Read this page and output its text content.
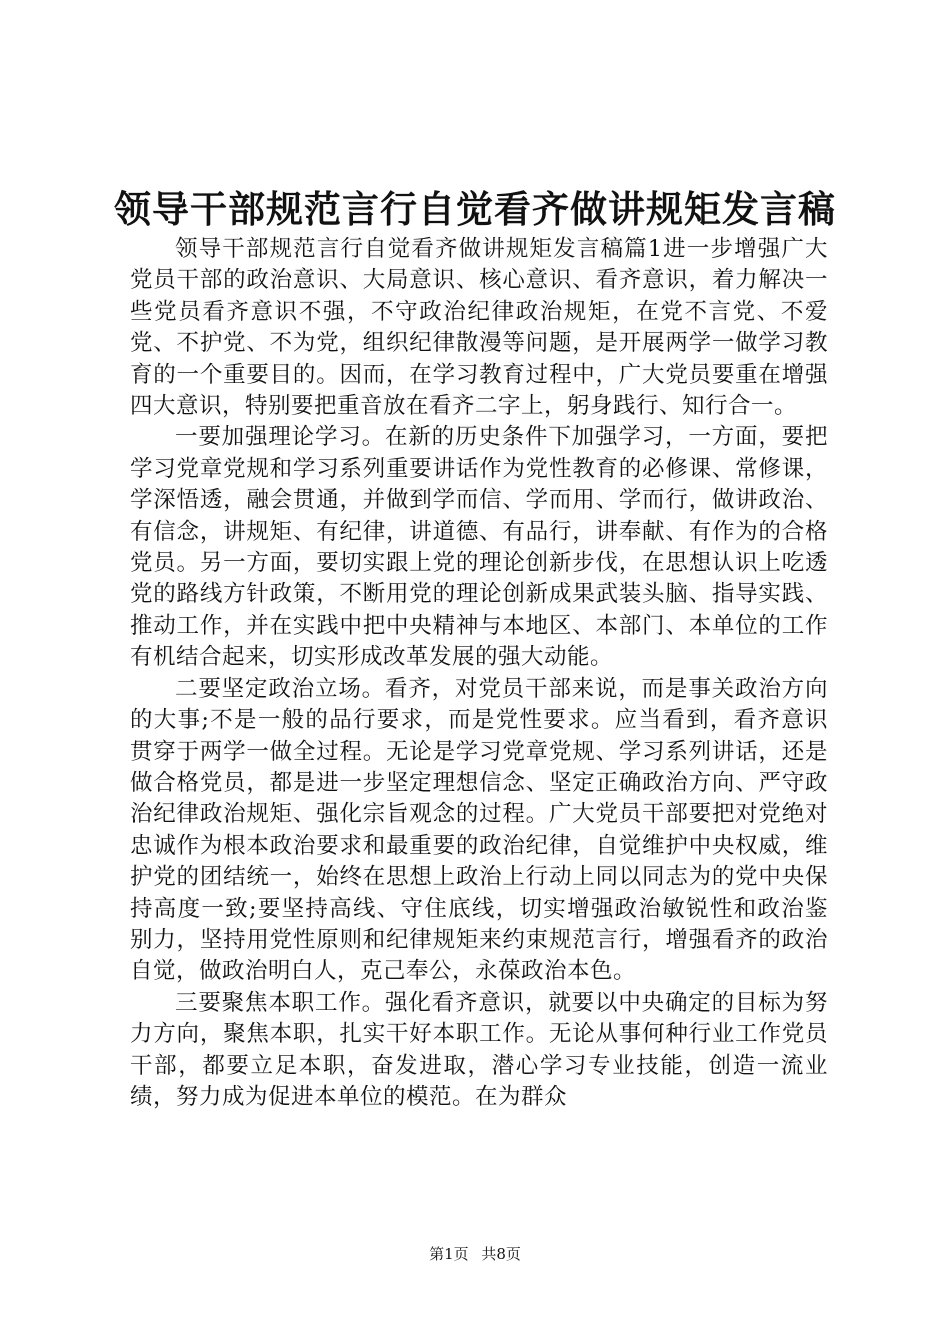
领导干部规范言行自觉看齐做讲规矩发言稿

领导干部规范言行自觉看齐做讲规矩发言稿篇1进一步增强广大党员干部的政治意识、大局意识、核心意识、看齐意识，着力解决一些党员看齐意识不强，不守政治纪律政治规矩，在党不言党、不爱党、不护党、不为党，组织纪律散漫等问题，是开展两学一做学习教育的一个重要目的。因而，在学习教育过程中，广大党员要重在增强四大意识，特别要把重音放在看齐二字上，躬身践行、知行合一。

一要加强理论学习。在新的历史条件下加强学习，一方面，要把学习党章党规和学习系列重要讲话作为党性教育的必修课、常修课，学深悟透，融会贯通，并做到学而信、学而用、学而行，做讲政治、有信念，讲规矩、有纪律，讲道德、有品行，讲奉献、有作为的合格党员。另一方面，要切实跟上党的理论创新步伐，在思想认识上吃透党的路线方针政策，不断用党的理论创新成果武装头脑、指导实践、推动工作，并在实践中把中央精神与本地区、本部门、本单位的工作有机结合起来，切实形成改革发展的强大动能。

二要坚定政治立场。看齐，对党员干部来说，而是事关政治方向的大事;不是一般的品行要求，而是党性要求。应当看到，看齐意识贯穿于两学一做全过程。无论是学习党章党规、学习系列讲话，还是做合格党员，都是进一步坚定理想信念、坚定正确政治方向、严守政治纪律政治规矩、强化宗旨观念的过程。广大党员干部要把对党绝对忠诚作为根本政治要求和最重要的政治纪律，自觉维护中央权威，维护党的团结统一，始终在思想上政治上行动上同以同志为的党中央保持高度一致;要坚持高线、守住底线，切实增强政治敏锐性和政治鉴别力，坚持用党性原则和纪律规矩来约束规范言行，增强看齐的政治自觉，做政治明白人，克己奉公，永葆政治本色。

三要聚焦本职工作。强化看齐意识，就要以中央确定的目标为努力方向，聚焦本职，扎实干好本职工作。无论从事何种行业工作党员干部，都要立足本职，奋发进取，潜心学习专业技能，创造一流业绩，努力成为促进本单位的模范。在为群众

第1页 共8页
